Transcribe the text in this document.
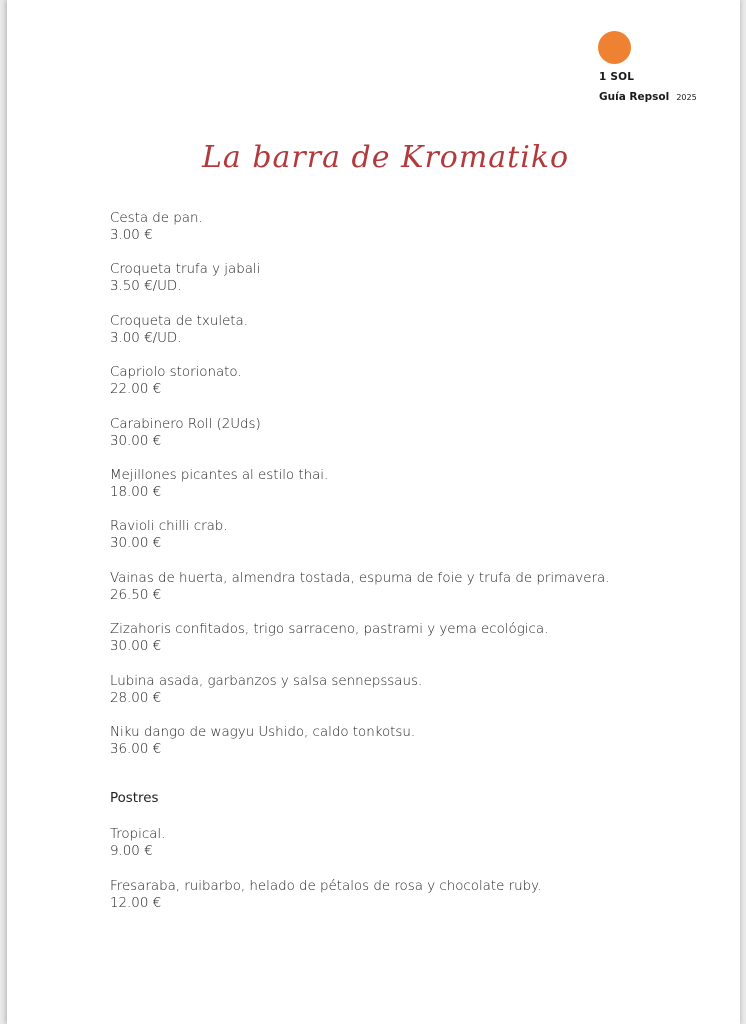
1 SOL
Guía Repsol 2025
La barra de Kromatiko
Cesta de pan.
3.00 €
Croqueta trufa y jabali
3.50 €/UD.
Croqueta de txuleta.
3.00 €/UD.
Capriolo storionato.
22.00 €
Carabinero Roll (2Uds)
30.00 €
Mejillones picantes al estilo thai.
18.00 €
Ravioli chilli crab.
30.00 €
Vainas de huerta, almendra tostada, espuma de foie y trufa de primavera.
26.50 €
Zizahoris confitados, trigo sarraceno, pastrami y yema ecológica.
30.00 €
Lubina asada, garbanzos y salsa sennepssaus.
28.00 €
Niku dango de wagyu Ushido, caldo tonkotsu.
36.00 €
Postres
Tropical.
9.00 €
Fresaraba, ruibarbo, helado de pétalos de rosa y chocolate ruby.
12.00 €
